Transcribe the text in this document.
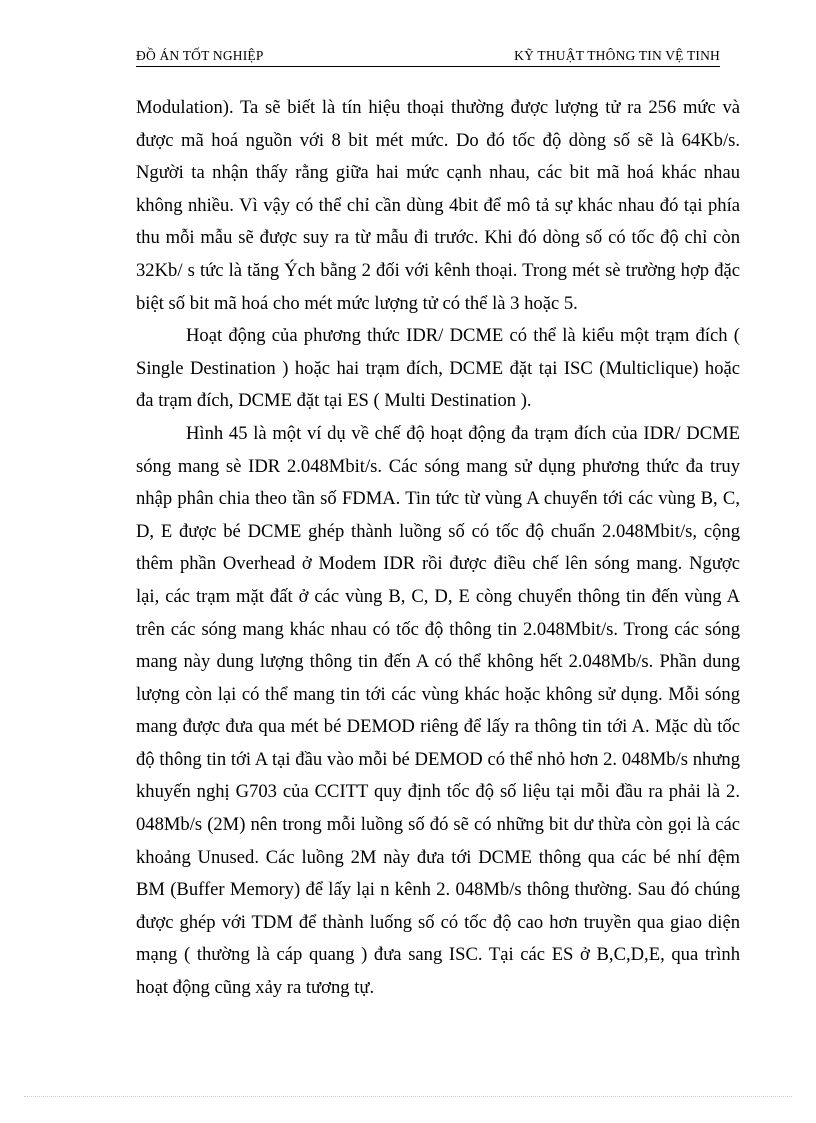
ĐỒ ÁN TỐT NGHIỆP	KỸ THUẬT THÔNG TIN VỆ TINH

Modulation). Ta sẽ biết là tín hiệu thoại thường được lượng tử ra 256 mức và được mã hoá nguồn với 8 bit mét mức. Do đó tốc độ dòng số sẽ là 64Kb/s. Người ta nhận thấy rằng giữa hai mức cạnh nhau, các bit mã hoá khác nhau không nhiều. Vì vậy có thể chỉ cần dùng 4bit để mô tả sự khác nhau đó tại phía thu mỗi mẫu sẽ được suy ra từ mẫu đi trước. Khi đó dòng số có tốc độ chỉ còn 32Kb/ s tức là tăng Ých bằng 2 đối với kênh thoại. Trong mét sè trường hợp đặc biệt số bit mã hoá cho mét mức lượng tử có thể là 3 hoặc 5.

Hoạt động của phương thức IDR/ DCME có thể là kiểu một trạm đích ( Single Destination ) hoặc hai trạm đích, DCME đặt tại ISC (Multiclique) hoặc đa trạm đích, DCME đặt tại ES ( Multi Destination ).

Hình 45 là một ví dụ về chế độ hoạt động đa trạm đích của IDR/ DCME sóng mang sè IDR 2.048Mbit/s. Các sóng mang sử dụng phương thức đa truy nhập phân chia theo tần số FDMA. Tin tức từ vùng A chuyển tới các vùng B, C, D, E được bé DCME ghép thành luồng số có tốc độ chuẩn 2.048Mbit/s, cộng thêm phần Overhead ở Modem IDR rồi được điều chế lên sóng mang. Ngược lại, các trạm mặt đất ở các vùng B, C, D, E còng chuyển thông tin đến vùng A trên các sóng mang khác nhau có tốc độ thông tin 2.048Mbit/s. Trong các sóng mang này dung lượng thông tin đến A có thể không hết 2.048Mb/s. Phần dung lượng còn lại có thể mang tin tới các vùng khác hoặc không sử dụng. Mỗi sóng mang được đưa qua mét bé DEMOD riêng để lấy ra thông tin tới A. Mặc dù tốc độ thông tin tới A tại đầu vào mỗi bé DEMOD có thể nhỏ hơn 2. 048Mb/s nhưng khuyến nghị G703 của CCITT quy định tốc độ số liệu tại mỗi đầu ra phải là 2. 048Mb/s (2M) nên trong mỗi luồng số đó sẽ có những bit dư thừa còn gọi là các khoảng Unused. Các luồng 2M này đưa tới DCME thông qua các bé nhí đệm BM (Buffer Memory) để lấy lại n kênh 2. 048Mb/s thông thường. Sau đó chúng được ghép với TDM để thành luống số có tốc độ cao hơn truyền qua giao diện mạng ( thường là cáp quang ) đưa sang ISC. Tại các ES ở B,C,D,E, qua trình hoạt động cũng xảy ra tương tự.
